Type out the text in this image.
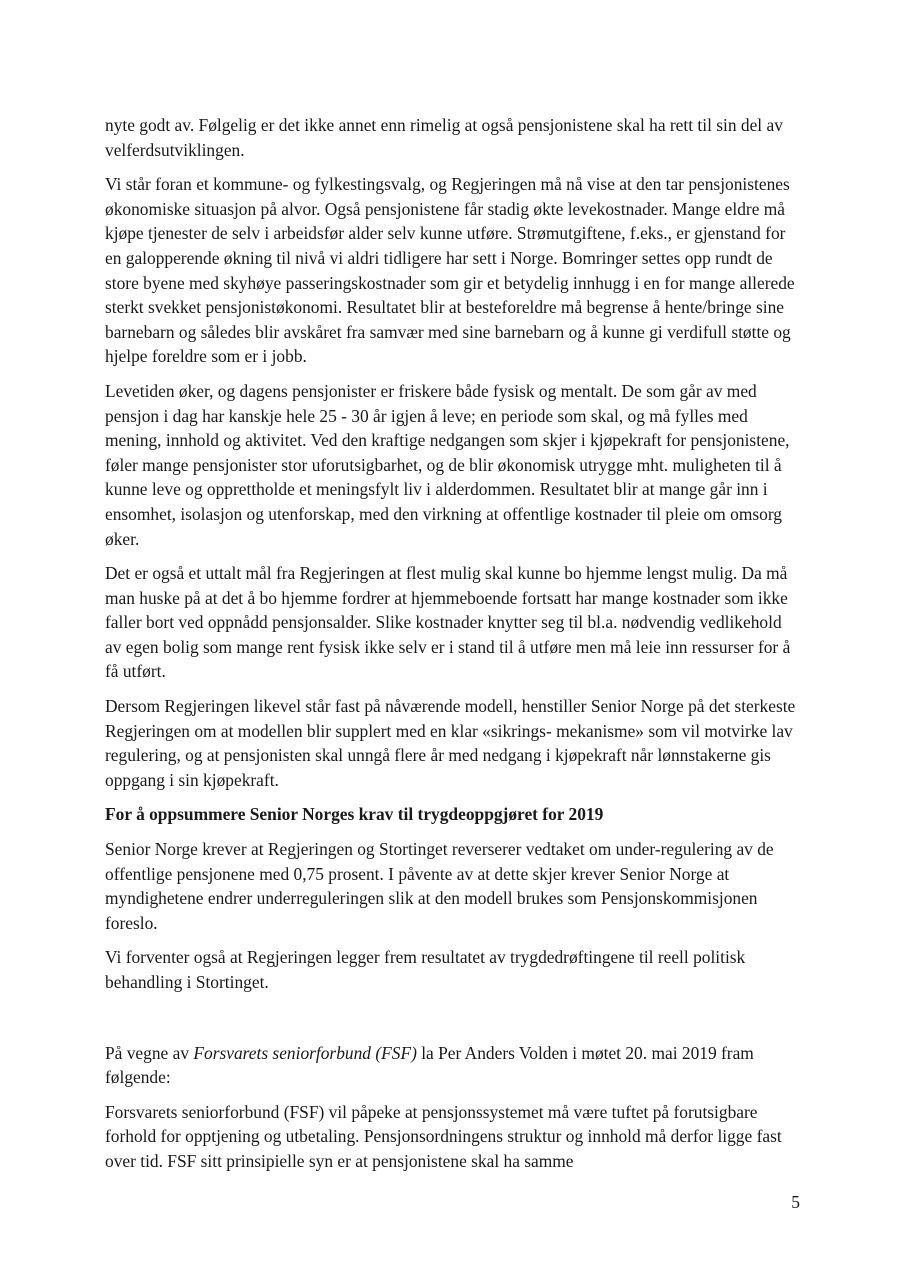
nyte godt av. Følgelig er det ikke annet enn rimelig at også pensjonistene skal ha rett til sin del av velferdsutviklingen.

Vi står foran et kommune- og fylkestingsvalg, og Regjeringen må nå vise at den tar pensjonistenes økonomiske situasjon på alvor. Også pensjonistene får stadig økte levekostnader. Mange eldre må kjøpe tjenester de selv i arbeidsfør alder selv kunne utføre. Strømutgiftene, f.eks., er gjenstand for en galopperende økning til nivå vi aldri tidligere har sett i Norge. Bomringer settes opp rundt de store byene med skyhøye passeringskostnader som gir et betydelig innhugg i en for mange allerede sterkt svekket pensjonistøkonomi. Resultatet blir at besteforeldre må begrense å hente/bringe sine barnebarn og således blir avskåret fra samvær med sine barnebarn og å kunne gi verdifull støtte og hjelpe foreldre som er i jobb.

Levetiden øker, og dagens pensjonister er friskere både fysisk og mentalt. De som går av med pensjon i dag har kanskje hele 25 - 30 år igjen å leve; en periode som skal, og må fylles med mening, innhold og aktivitet. Ved den kraftige nedgangen som skjer i kjøpekraft for pensjonistene, føler mange pensjonister stor uforutsigbarhet, og de blir økonomisk utrygge mht. muligheten til å kunne leve og opprettholde et meningsfylt liv i alderdommen. Resultatet blir at mange går inn i ensomhet, isolasjon og utenforskap, med den virkning at offentlige kostnader til pleie om omsorg øker.

Det er også et uttalt mål fra Regjeringen at flest mulig skal kunne bo hjemme lengst mulig. Da må man huske på at det å bo hjemme fordrer at hjemmeboende fortsatt har mange kostnader som ikke faller bort ved oppnådd pensjonsalder. Slike kostnader knytter seg til bl.a. nødvendig vedlikehold av egen bolig som mange rent fysisk ikke selv er i stand til å utføre men må leie inn ressurser for å få utført.

Dersom Regjeringen likevel står fast på nåværende modell, henstiller Senior Norge på det sterkeste Regjeringen om at modellen blir supplert med en klar «sikrings- mekanisme» som vil motvirke lav regulering, og at pensjonisten skal unngå flere år med nedgang i kjøpekraft når lønnstakerne gis oppgang i sin kjøpekraft.

For å oppsummere Senior Norges krav til trygdeoppgjøret for 2019

Senior Norge krever at Regjeringen og Stortinget reverserer vedtaket om under-regulering av de offentlige pensjonene med 0,75 prosent. I påvente av at dette skjer krever Senior Norge at myndighetene endrer underreguleringen slik at den modell brukes som Pensjonskommisjonen foreslo.

Vi forventer også at Regjeringen legger frem resultatet av trygdedrøftingene til reell politisk behandling i Stortinget.

På vegne av Forsvarets seniorforbund (FSF) la Per Anders Volden i møtet 20. mai 2019 fram følgende:

Forsvarets seniorforbund (FSF) vil påpeke at pensjonssystemet må være tuftet på forutsigbare forhold for opptjening og utbetaling. Pensjonsordningens struktur og innhold må derfor ligge fast over tid. FSF sitt prinsipielle syn er at pensjonistene skal ha samme

5
